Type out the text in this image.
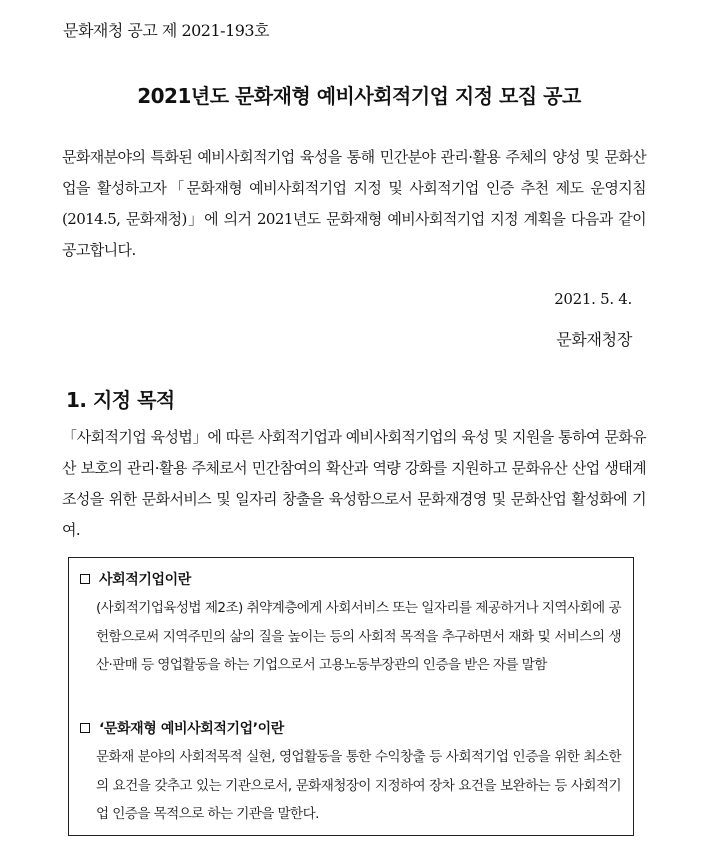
문화재청 공고 제 2021-193호
2021년도 문화재형 예비사회적기업 지정 모집 공고
문화재분야의 특화된 예비사회적기업 육성을 통해 민간분야 관리·활용 주체의 양성 및 문화산업을 활성하고자「문화재형 예비사회적기업 지정 및 사회적기업 인증 추천 제도 운영지침(2014.5, 문화재청)」에 의거 2021년도 문화재형 예비사회적기업 지정 계획을 다음과 같이 공고합니다.
2021. 5. 4.
문화재청장
1. 지정 목적
「사회적기업 육성법」에 따른 사회적기업과 예비사회적기업의 육성 및 지원을 통하여 문화유산 보호의 관리·활용 주체로서 민간참여의 확산과 역량 강화를 지원하고 문화유산 산업 생태계 조성을 위한 문화서비스 및 일자리 창출을 육성함으로서 문화재경영 및 문화산업 활성화에 기여.
사회적기업이란
(사회적기업육성법 제2조) 취약계층에게 사회서비스 또는 일자리를 제공하거나 지역사회에 공헌함으로써 지역주민의 삶의 질을 높이는 등의 사회적 목적을 추구하면서 재화 및 서비스의 생산·판매 등 영업활동을 하는 기업으로서 고용노동부장관의 인증을 받은 자를 말함
‘문화재형 예비사회적기업’이란
문화재 분야의 사회적목적 실현, 영업활동을 통한 수익창출 등 사회적기업 인증을 위한 최소한의 요건을 갖추고 있는 기관으로서, 문화재청장이 지정하여 장차 요건을 보완하는 등 사회적기업 인증을 목적으로 하는 기관을 말한다.
